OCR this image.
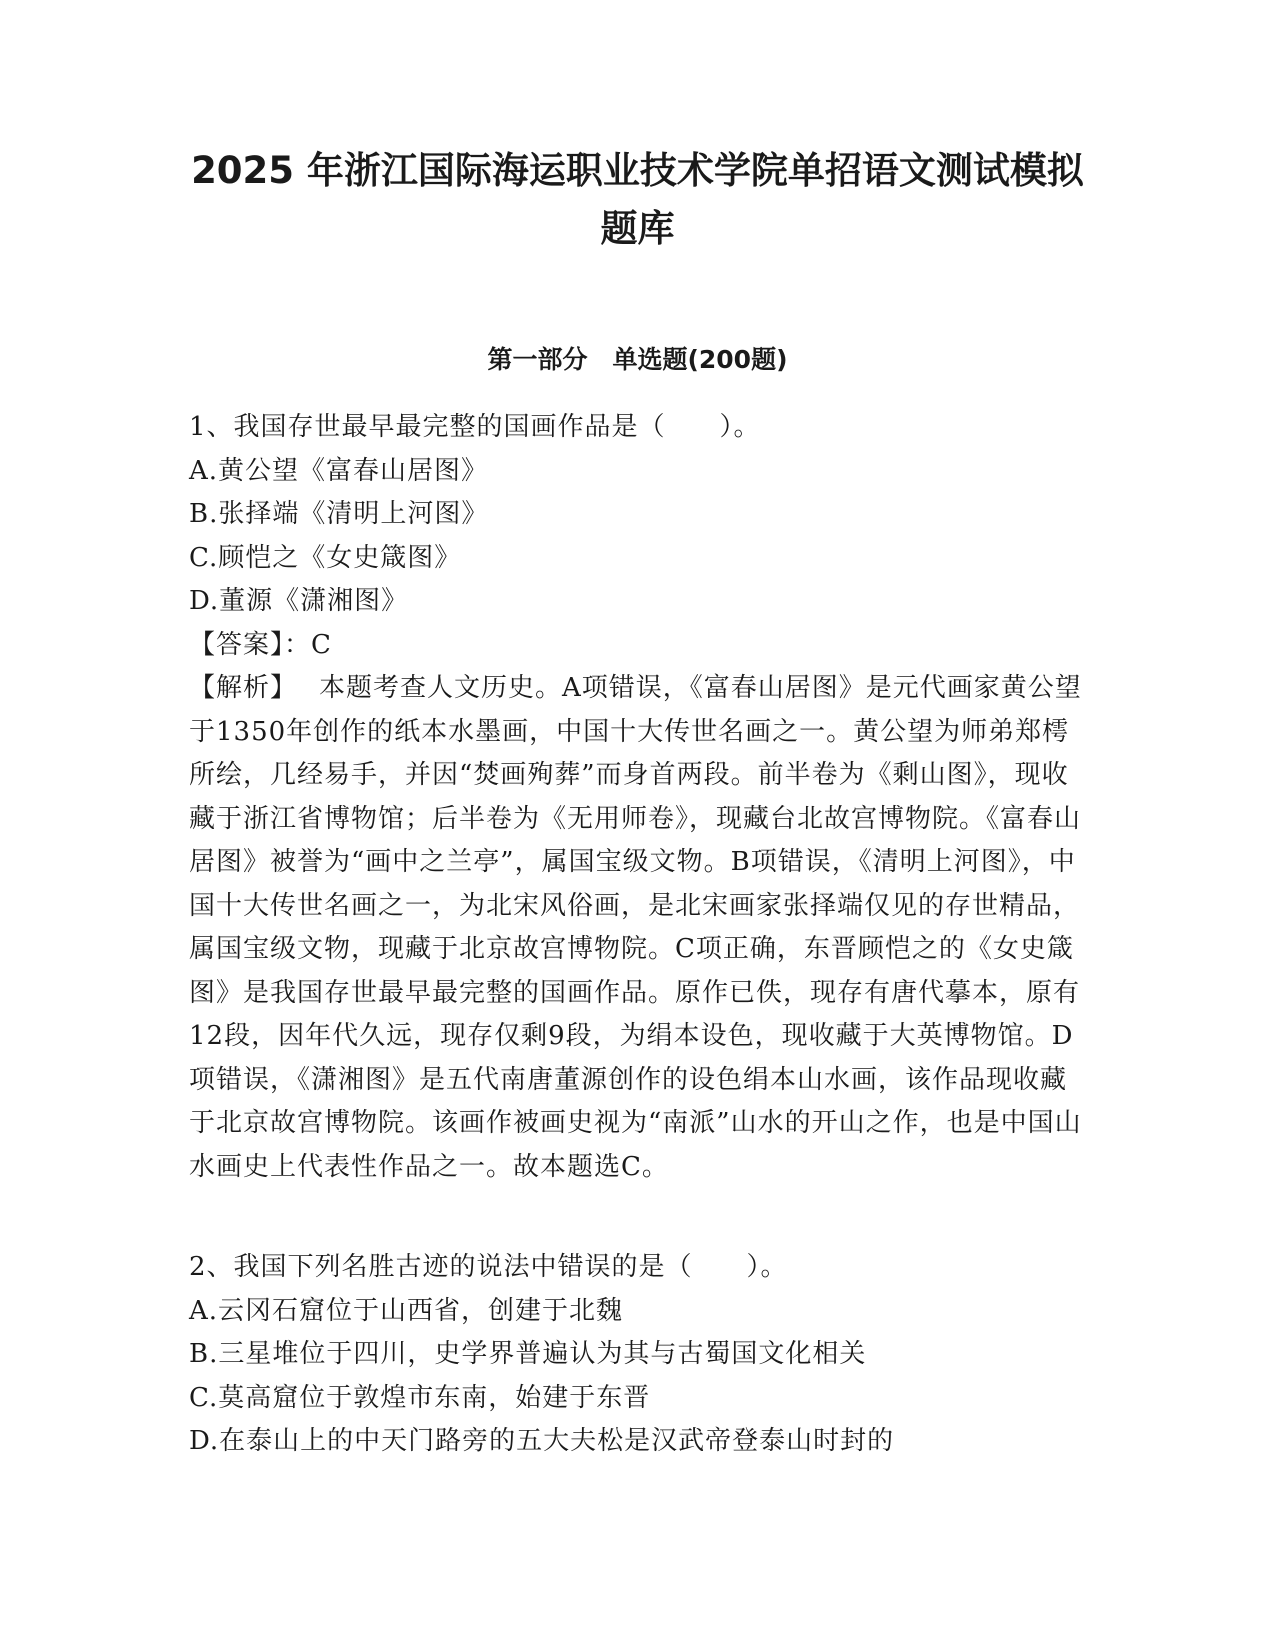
2025 年浙江国际海运职业技术学院单招语文测试模拟
题库
第一部分　单选题(200题)
1、我国存世最早最完整的国画作品是（　　）。
A.黄公望《富春山居图》
B.张择端《清明上河图》
C.顾恺之《女史箴图》
D.董源《潇湘图》
【答案】：C
【解析】 本题考查人文历史。A项错误，《富春山居图》是元代画家黄公望于1350年创作的纸本水墨画，中国十大传世名画之一。黄公望为师弟郑樗所绘，几经易手，并因“焚画殉葬”而身首两段。前半卷为《剩山图》，现收藏于浙江省博物馆；后半卷为《无用师卷》，现藏台北故宫博物院。《富春山居图》被誉为“画中之兰亭”，属国宝级文物。B项错误，《清明上河图》，中国十大传世名画之一，为北宋风俗画，是北宋画家张择端仅见的存世精品，属国宝级文物，现藏于北京故宫博物院。C项正确，东晋顾恺之的《女史箴图》是我国存世最早最完整的国画作品。原作已佚，现存有唐代摹本，原有12段，因年代久远，现存仅剩9段，为绢本设色，现收藏于大英博物馆。D项错误，《潇湘图》是五代南唐董源创作的设色绢本山水画，该作品现收藏于北京故宫博物院。该画作被画史视为“南派”山水的开山之作，也是中国山水画史上代表性作品之一。故本题选C。
2、我国下列名胜古迹的说法中错误的是（　　）。
A.云冈石窟位于山西省，创建于北魏
B.三星堆位于四川，史学界普遍认为其与古蜀国文化相关
C.莫高窟位于敦煌市东南，始建于东晋
D.在泰山上的中天门路旁的五大夫松是汉武帝登泰山时封的
